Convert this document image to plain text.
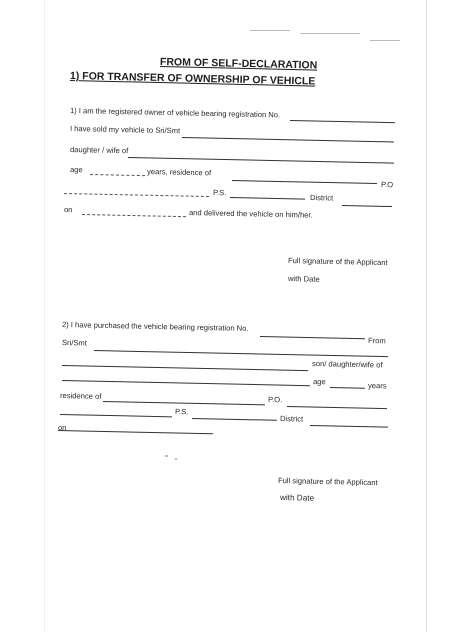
FROM OF SELF-DECLARATION
1) FOR TRANSFER OF OWNERSHIP OF VEHICLE
1) I am the registered owner of vehicle bearing registration No.
I have sold my vehicle to Sri/Smt
daughter / wife of
age	years, residence of
P.O
P.S.
District
on	and delivered the vehicle on him/her.
Full signature of the Applicant
with Date
2) I have purchased the vehicle bearing registration No.
From
Sri/Smt
son/ daughter/wife of
age	years
residence of	P.O.
P.S.
District
on
Full signature of the Applicant
with Date
